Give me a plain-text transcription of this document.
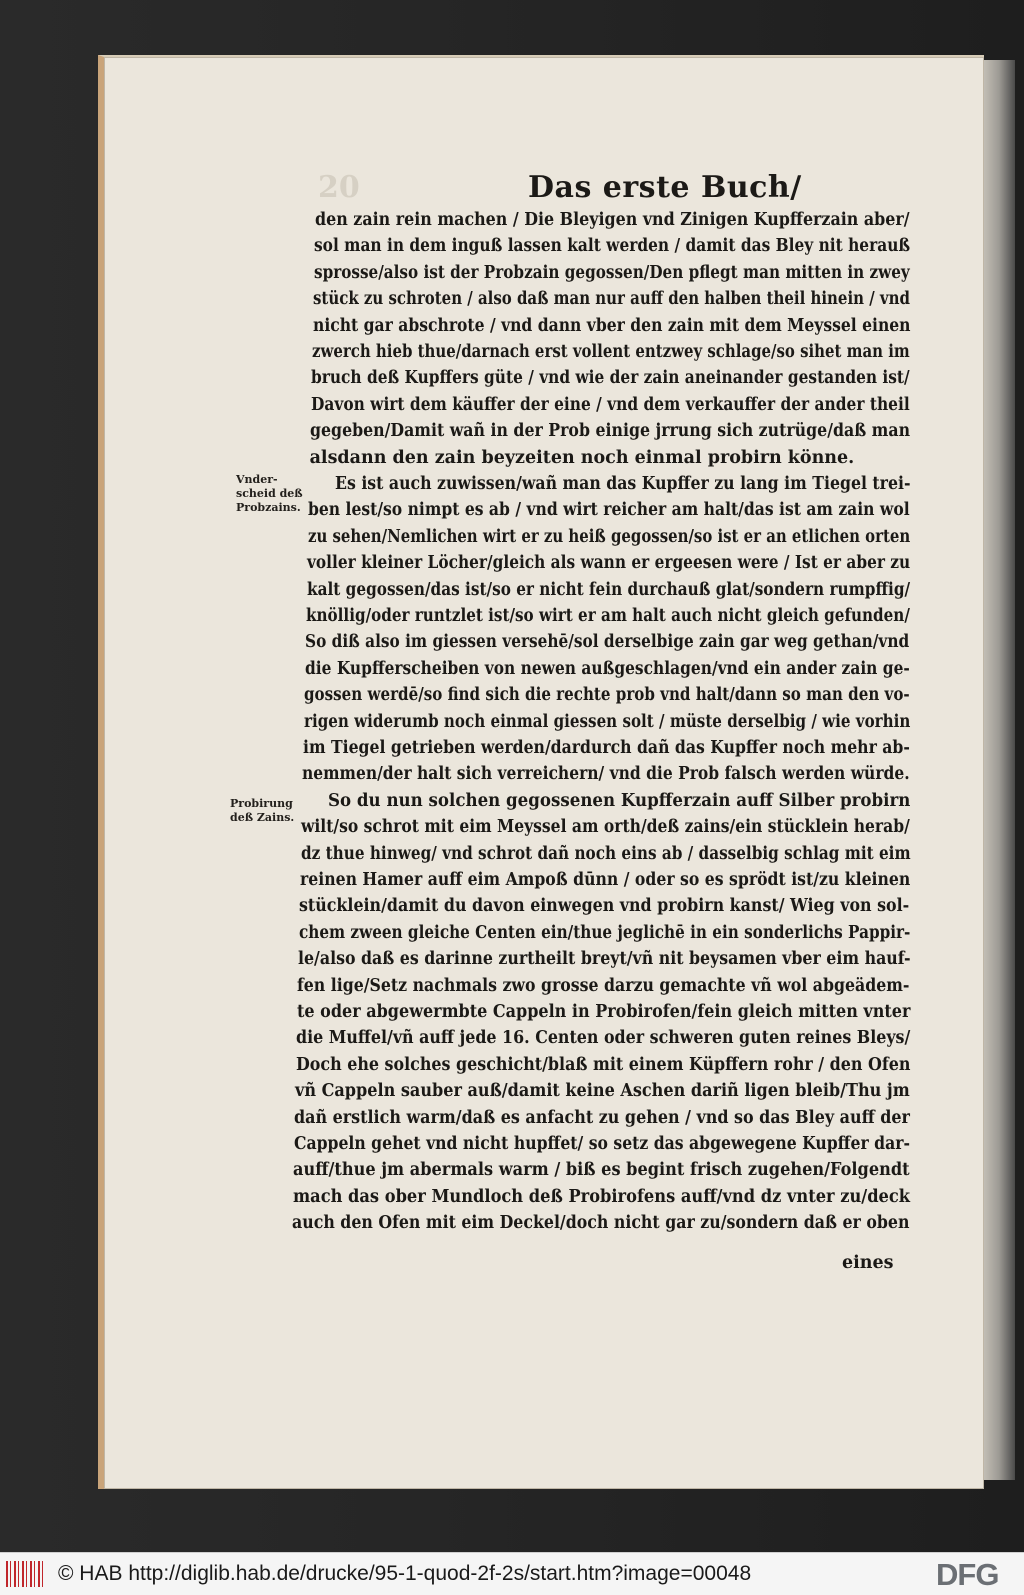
20	Das erste Buch/
den zain rein machen / Die Bleyigen vnd Zinigen Kupfferzain aber/
sol man in dem inguß lassen kalt werden / damit das Bley nit herauß
sprosse/also ist der Probzain gegossen/Den pflegt man mitten in zwey
stück zu schroten / also daß man nur auff den halben theil hinein / vnd
nicht gar abschrote / vnd dann vber den zain mit dem Meyssel einen
zwerch hieb thue/darnach erst vollent entzwey schlage/so sihet man im
bruch deß Kupffers güte / vnd wie der zain aneinander gestanden ist/
Davon wirt dem käuffer der eine / vnd dem verkauffer der ander theil
gegeben/Damit wañ in der Prob einige jrrung sich zutrüge/daß man
alsdann den zain beyzeiten noch einmal probirn könne.
Es ist auch zuwissen/wañ man das Kupffer zu lang im Tiegel trei-
ben lest/so nimpt es ab / vnd wirt reicher am halt/das ist am zain wol
zu sehen/Nemlichen wirt er zu heiß gegossen/so ist er an etlichen orten
voller kleiner Löcher/gleich als wann er ergeesen were / Ist er aber zu
kalt gegossen/das ist/so er nicht fein durchauß glat/sondern rumpffig/
knöllig/oder runtzlet ist/so wirt er am halt auch nicht gleich gefunden/
So diß also im giessen versehē/sol derselbige zain gar weg gethan/vnd
die Kupfferscheiben von newen außgeschlagen/vnd ein ander zain ge-
gossen werdē/so find sich die rechte prob vnd halt/dann so man den vo-
rigen widerumb noch einmal giessen solt / müste derselbig / wie vorhin
im Tiegel getrieben werden/dardurch dañ das Kupffer noch mehr ab-
nemmen/der halt sich verreichern/ vnd die Prob falsch werden würde.
So du nun solchen gegossenen Kupfferzain auff Silber probirn
wilt/so schrot mit eim Meyssel am orth/deß zains/ein stücklein herab/
dz thue hinweg/ vnd schrot dañ noch eins ab / dasselbig schlag mit eim
reinen Hamer auff eim Ampoß dūnn / oder so es sprödt ist/zu kleinen
stücklein/damit du davon einwegen vnd probirn kanst/ Wieg von sol-
chem zween gleiche Centen ein/thue jeglichē in ein sonderlichs Pappir-
le/also daß es darinne zurtheilt breyt/vñ nit beysamen vber eim hauf-
fen lige/Setz nachmals zwo grosse darzu gemachte vñ wol abgeädem-
te oder abgewermbte Cappeln in Probirofen/fein gleich mitten vnter
die Muffel/vñ auff jede 16. Centen oder schweren guten reines Bleys/
Doch ehe solches geschicht/blaß mit einem Küpffern rohr / den Ofen
vñ Cappeln sauber auß/damit keine Aschen dariñ ligen bleib/Thu jm
dañ erstlich warm/daß es anfacht zu gehen / vnd so das Bley auff der
Cappeln gehet vnd nicht hupffet/ so setz das abgewegene Kupffer dar-
auff/thue jm abermals warm / biß es begint frisch zugehen/Folgendt
mach das ober Mundloch deß Probirofens auff/vnd dz vnter zu/deck
auch den Ofen mit eim Deckel/doch nicht gar zu/sondern daß er oben
Vnder-
scheid deß
Probzains.
Probirung
deß Zains.
eines
© HAB http://diglib.hab.de/drucke/95-1-quod-2f-2s/start.htm?image=00048	DFG
